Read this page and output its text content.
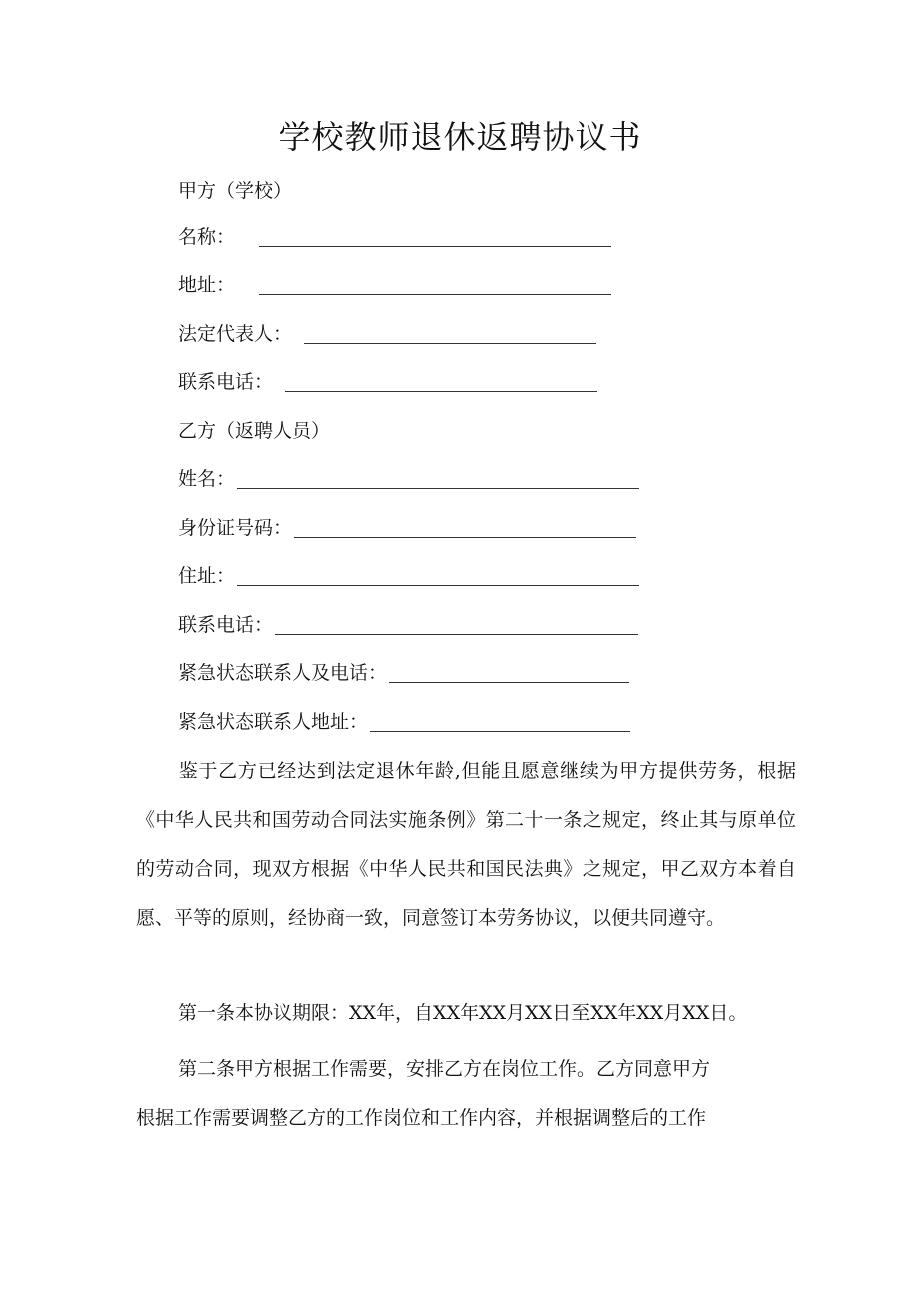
学校教师退休返聘协议书
甲方（学校）
名称：
地址：
法定代表人：
联系电话：
乙方（返聘人员）
姓名：
身份证号码：
住址：
联系电话：
紧急状态联系人及电话：
紧急状态联系人地址：
鉴于乙方已经达到法定退休年龄,但能且愿意继续为甲方提供劳务，根据《中华人民共和国劳动合同法实施条例》第二十一条之规定，终止其与原单位的劳动合同，现双方根据《中华人民共和国民法典》之规定，甲乙双方本着自愿、平等的原则，经协商一致，同意签订本劳务协议，以便共同遵守。
第一条本协议期限：XX年，自XX年XX月XX日至XX年XX月XX日。
第二条甲方根据工作需要，安排乙方在岗位工作。乙方同意甲方
根据工作需要调整乙方的工作岗位和工作内容，并根据调整后的工作
